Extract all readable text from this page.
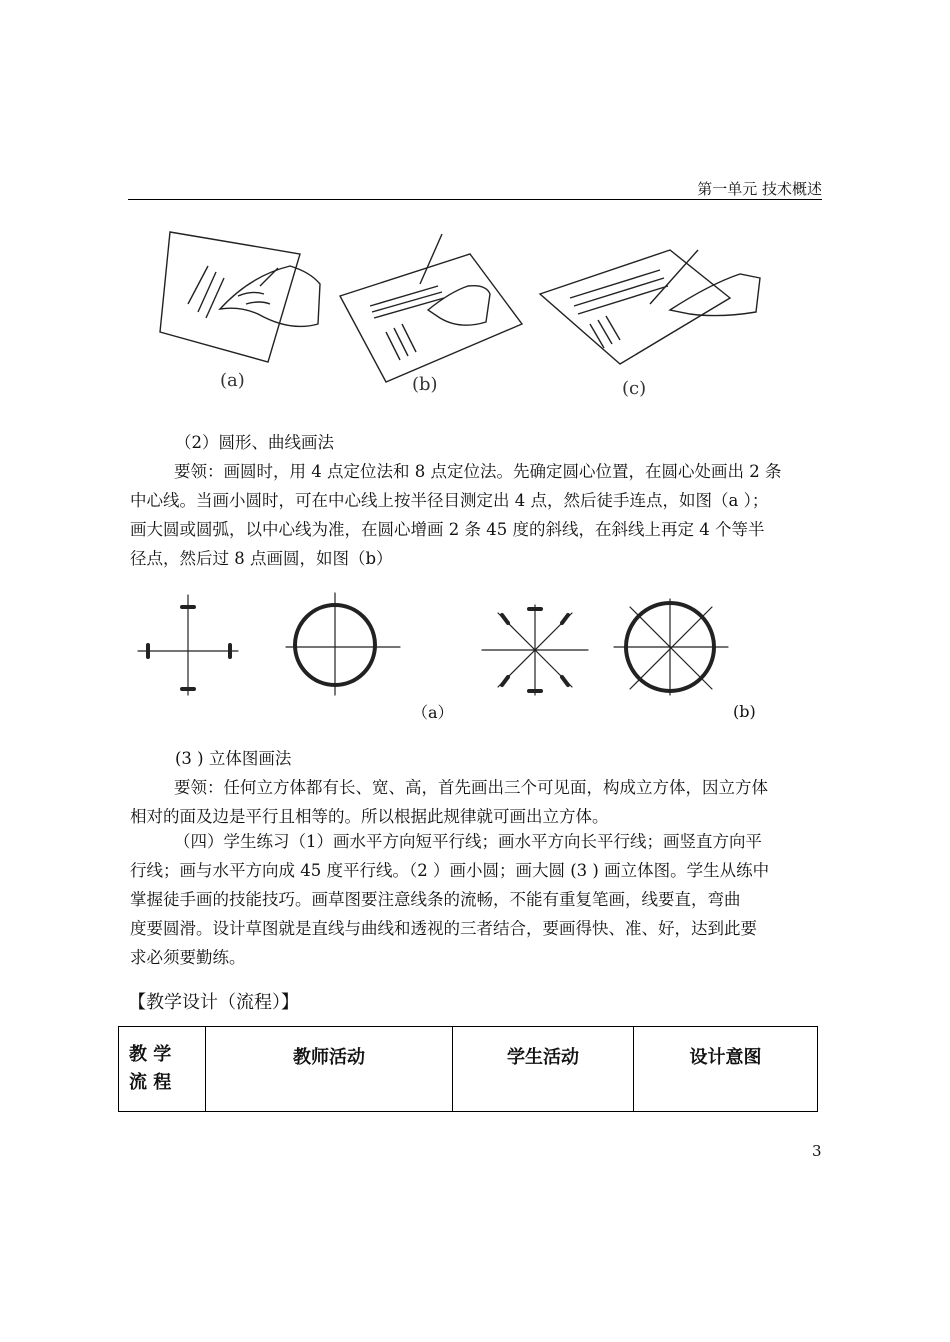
第一单元 技术概述
(a)	(b)	(c)
（2）圆形、曲线画法
要领：画圆时，用 4 点定位法和 8 点定位法。先确定圆心位置，在圆心处画出 2 条
中心线。当画小圆时，可在中心线上按半径目测定出 4 点，然后徒手连点，如图（a ）；
画大圆或圆弧，以中心线为准，在圆心增画 2 条 45 度的斜线，在斜线上再定 4 个等半
径点，然后过 8 点画圆，如图（b）
（a）	(b)
(3 ) 立体图画法
要领：任何立方体都有长、宽、高，首先画出三个可见面，构成立方体，因立方体
相对的面及边是平行且相等的。所以根据此规律就可画出立方体。
（四）学生练习（1）画水平方向短平行线；画水平方向长平行线；画竖直方向平
行线；画与水平方向成 45 度平行线。（2 ）画小圆；画大圆 (3 ) 画立体图。学生从练中
掌握徒手画的技能技巧。画草图要注意线条的流畅，不能有重复笔画，线要直，弯曲
度要圆滑。设计草图就是直线与曲线和透视的三者结合，要画得快、准、好，达到此要
求必须要勤练。
【教学设计（流程）】
教 学
流 程
	教师活动	学生活动	设计意图
3
